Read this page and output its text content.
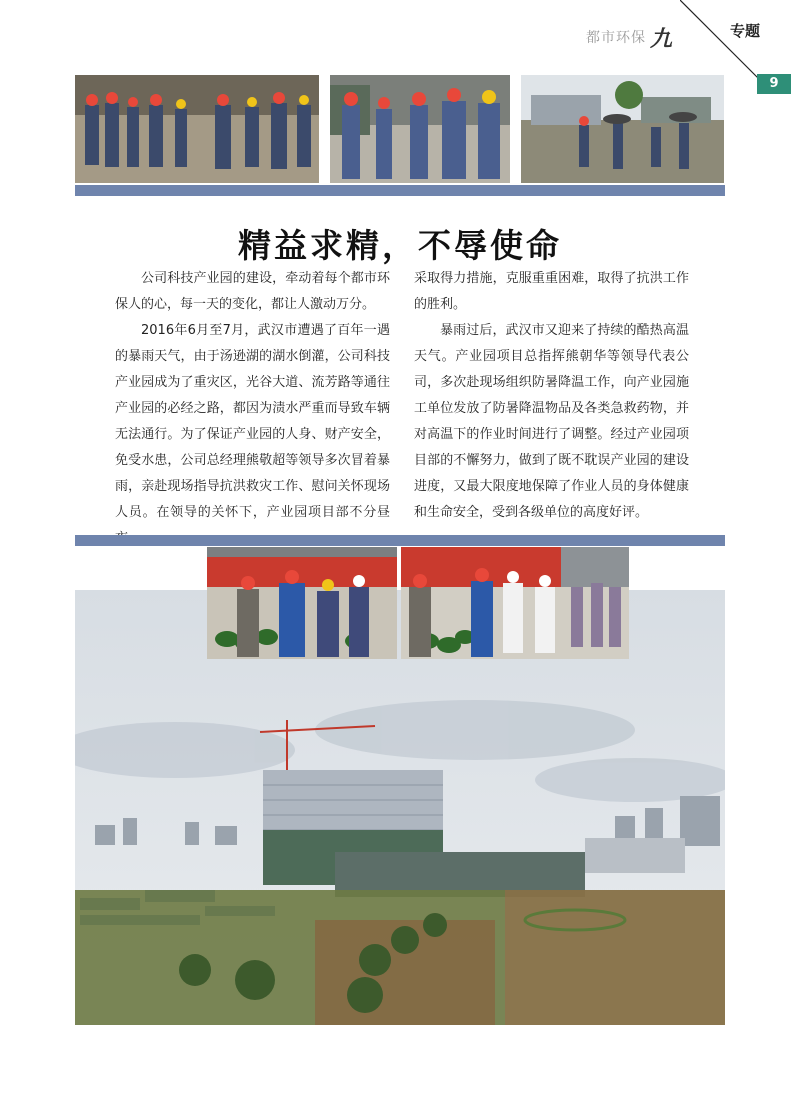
都市环保 九	专题
9
精益求精，不辱使命

公司科技产业园的建设，牵动着每个都市环保人的心，每一天的变化，都让人激动万分。

2016年6月至7月，武汉市遭遇了百年一遇的暴雨天气，由于汤逊湖的湖水倒灌，公司科技产业园成为了重灾区，光谷大道、流芳路等通往产业园的必经之路，都因为渍水严重而导致车辆无法通行。为了保证产业园的人身、财产安全，免受水患，公司总经理熊敬超等领导多次冒着暴雨，亲赴现场指导抗洪救灾工作、慰问关怀现场人员。在领导的关怀下，产业园项目部不分昼

采取得力措施，克服重重困难，取得了抗洪工作的胜利。

暴雨过后，武汉市又迎来了持续的酷热高温天气。产业园项目总指挥熊朝华等领导代表公司，多次赴现场组织防暑降温工作，向产业园施工单位发放了防暑降温物品及各类急救药物，并对高温下的作业时间进行了调整。经过产业园项目部的不懈努力，做到了既不耽误产业园的建设进度，又最大限度地保障了作业人员的身体健康和生命安全，受到各级单位的高度好评。
